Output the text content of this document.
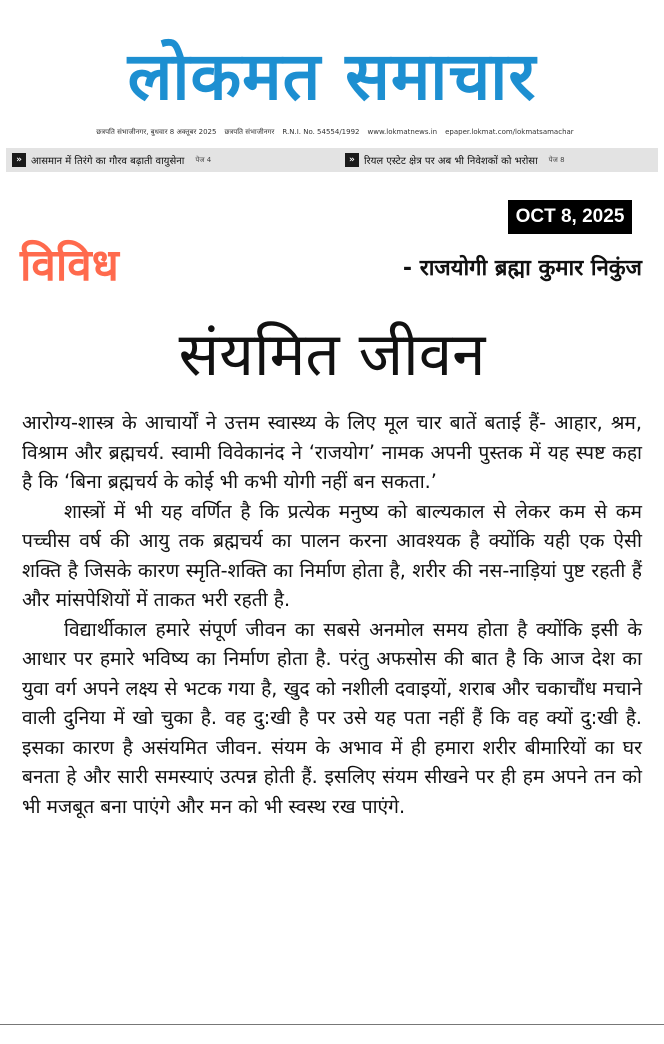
लोकमत समाचार
छत्रपति संभाजीनगर, बुधवार 8 अक्तूबर 2025 छत्रपति संभाजीनगर R.N.I. No. 54554/1992 www.lokmatnews.in epaper.lokmat.com/lokmatsamachar
» आसमान में तिरंगे का गौरव बढ़ाती वायुसेना पेज 4	» रियल एस्टेट क्षेत्र पर अब भी निवेशकों को भरोसा पेज 8
OCT 8, 2025
विविध	- राजयोगी ब्रह्मा कुमार निकुंज
संयमित जीवन

आरोग्य-शास्त्र के आचार्यों ने उत्तम स्वास्थ्य के लिए मूल चार बातें बताई हैं- आहार, श्रम, विश्राम और ब्रह्मचर्य. स्वामी विवेकानंद ने ‘राजयोग’ नामक अपनी पुस्तक में यह स्पष्ट कहा है कि ‘बिना ब्रह्मचर्य के कोई भी कभी योगी नहीं बन सकता.’

शास्त्रों में भी यह वर्णित है कि प्रत्येक मनुष्य को बाल्यकाल से लेकर कम से कम पच्चीस वर्ष की आयु तक ब्रह्मचर्य का पालन करना आवश्यक है क्योंकि यही एक ऐसी शक्ति है जिसके कारण स्मृति-शक्ति का निर्माण होता है, शरीर की नस-नाड़ियां पुष्ट रहती हैं और मांसपेशियों में ताकत भरी रहती है.

विद्यार्थीकाल हमारे संपूर्ण जीवन का सबसे अनमोल समय होता है क्योंकि इसी के आधार पर हमारे भविष्य का निर्माण होता है. परंतु अफसोस की बात है कि आज देश का युवा वर्ग अपने लक्ष्य से भटक गया है, खुद को नशीली दवाइयों, शराब और चकाचौंध मचाने वाली दुनिया में खो चुका है. वह दु:खी है पर उसे यह पता नहीं हैं कि वह क्यों दु:खी है. इसका कारण है असंयमित जीवन. संयम के अभाव में ही हमारा शरीर बीमारियों का घर बनता हे और सारी समस्याएं उत्पन्न होती हैं. इसलिए संयम सीखने पर ही हम अपने तन को भी मजबूत बना पाएंगे और मन को भी स्वस्थ रख पाएंगे.
